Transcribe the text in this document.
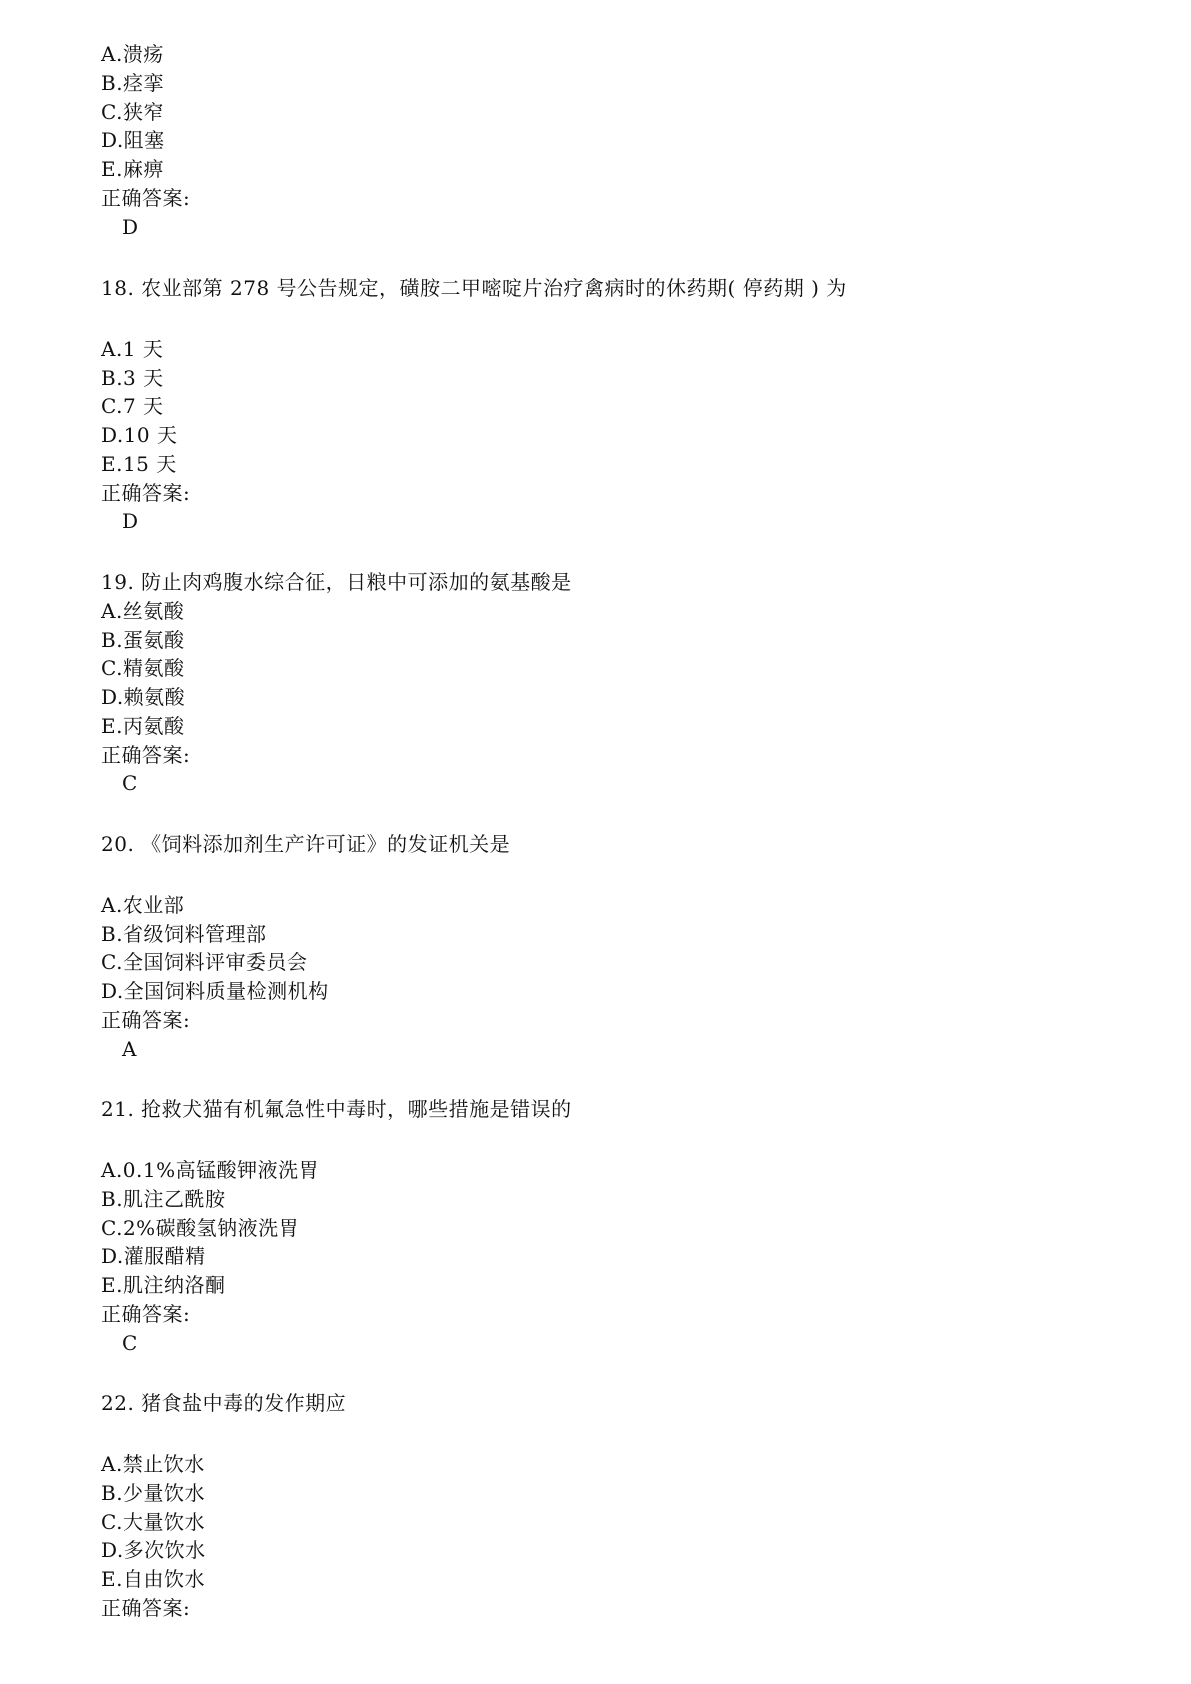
A.溃疡
B.痉挛
C.狭窄
D.阻塞
E.麻痹
正确答案:
D
18. 农业部第 278 号公告规定，磺胺二甲嘧啶片治疗禽病时的休药期( 停药期 ) 为
A.1 天
B.3 天
C.7 天
D.10 天
E.15 天
正确答案:
D
19. 防止肉鸡腹水综合征，日粮中可添加的氨基酸是
A.丝氨酸
B.蛋氨酸
C.精氨酸
D.赖氨酸
E.丙氨酸
正确答案:
C
20. 《饲料添加剂生产许可证》的发证机关是
A.农业部
B.省级饲料管理部
C.全国饲料评审委员会
D.全国饲料质量检测机构
正确答案:
A
21. 抢救犬猫有机氟急性中毒时，哪些措施是错误的
A.0.1%高锰酸钾液洗胃
B.肌注乙酰胺
C.2%碳酸氢钠液洗胃
D.灌服醋精
E.肌注纳洛酮
正确答案:
C
22. 猪食盐中毒的发作期应
A.禁止饮水
B.少量饮水
C.大量饮水
D.多次饮水
E.自由饮水
正确答案:
